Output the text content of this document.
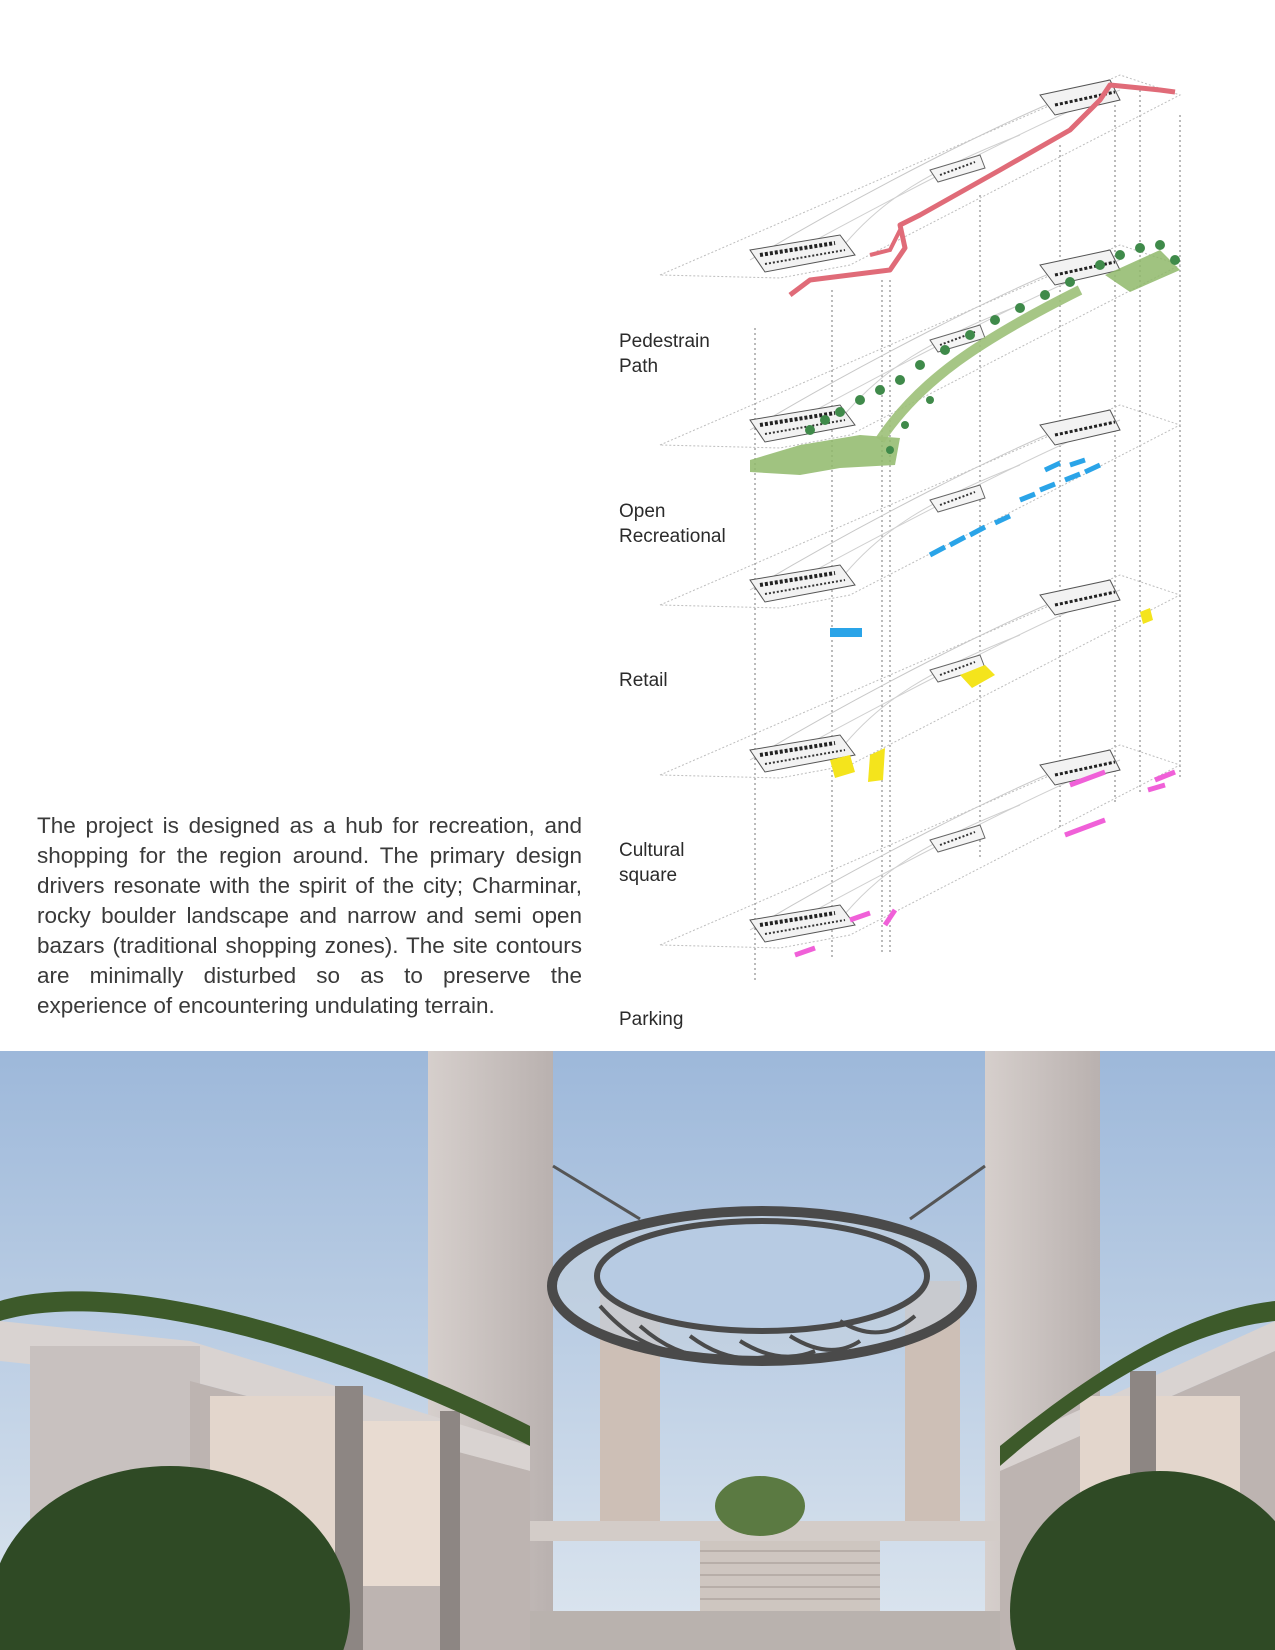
Pedestrain
Path
Open
Recreational
Retail
Cultural
square
Parking

The project is designed as a hub for recreation, and shopping for the region around. The primary design drivers resonate with the spirit of the city; Charminar, rocky boulder landscape and narrow and semi open bazars (traditional shopping zones). The site contours are minimally disturbed so as to preserve the experience of encountering undulating terrain.
